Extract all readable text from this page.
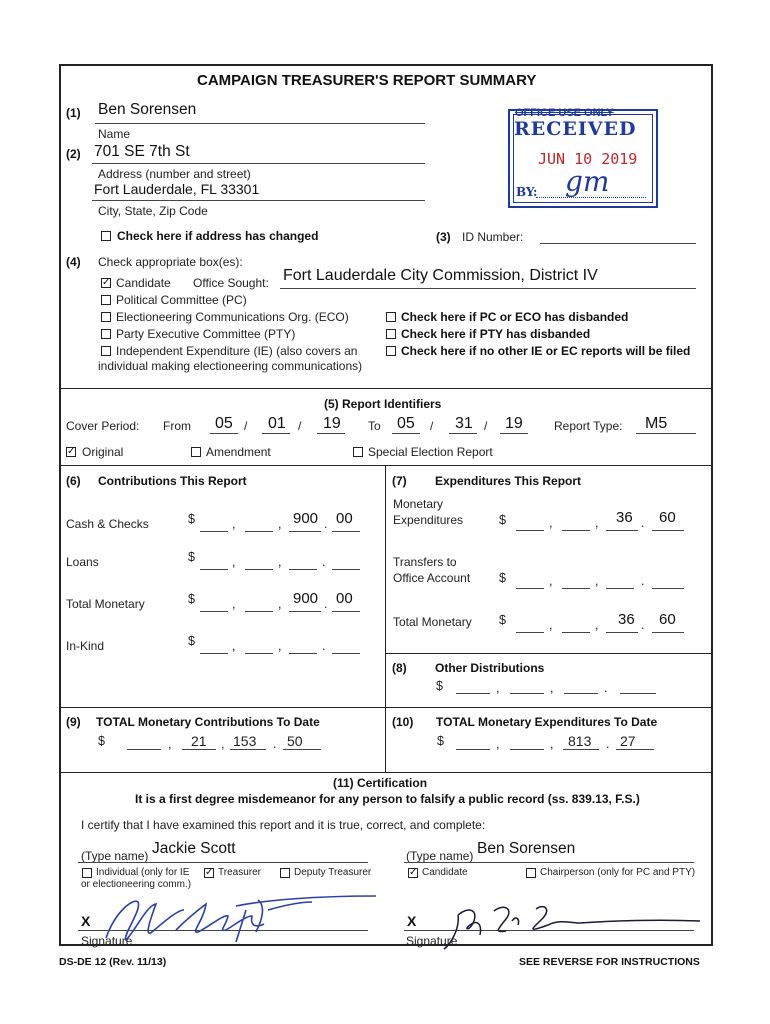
CAMPAIGN TREASURER'S REPORT SUMMARY
(1) Ben Sorensen
Name
(2) 701 SE 7th St
Address (number and street)
Fort Lauderdale, FL 33301
City, State, Zip Code
Check here if address has changed	(3) ID Number:
OFFICE USE ONLY
RECEIVED
JUN 10 2019
BY: gm
(4) Check appropriate box(es):
✓ Candidate Office Sought: Fort Lauderdale City Commission, District IV
Political Committee (PC)
Electioneering Communications Org. (ECO)
Party Executive Committee (PTY)
Independent Expenditure (IE) (also covers an
individual making electioneering communications)
Check here if PC or ECO has disbanded
Check here if PTY has disbanded
Check here if no other IE or EC reports will be filed
(5) Report Identifiers
Cover Period: From 05 / 01 / 19 To 05 / 31 / 19	Report Type: M5
✓ Original	Amendment	Special Election Report
(6) Contributions This Report
Cash & Checks	$	,	, 900 . 00
Loans	$	,	,	.
Total Monetary	$	,	, 900 . 00
In-Kind	$	,	,	.
(7) Expenditures This Report
Monetary
Expenditures	$	,	, 36 . 60
Transfers to
Office Account $	,	,	.
Total Monetary $	,	, 36 . 60
(8) Other Distributions
$	,	,	.
(9) TOTAL Monetary Contributions To Date
$	, 21 , 153 . 50
(10) TOTAL Monetary Expenditures To Date
$	,	, 813 . 27
(11) Certification
It is a first degree misdemeanor for any person to falsify a public record (ss. 839.13, F.S.)
I certify that I have examined this report and it is true, correct, and complete:
(Type name) Jackie Scott	(Type name) Ben Sorensen
Individual (only for IE
or electioneering comm.)
✓ Treasurer	Deputy Treasurer	✓ Candidate	Chairperson (only for PC and PTY)
X
Signature
X
Signature
DS-DE 12 (Rev. 11/13)	SEE REVERSE FOR INSTRUCTIONS
